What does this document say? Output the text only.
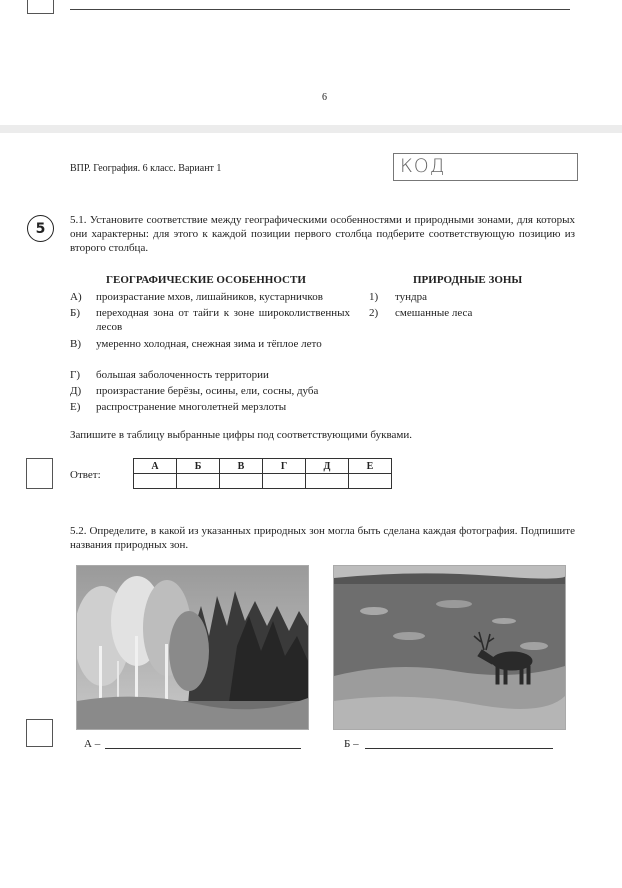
6
ВПР. География. 6 класс. Вариант 1	КОД
5
5.1. Установите соответствие между географическими особенностями и природными зонами, для которых они характерны: для этого к каждой позиции первого столбца подберите соответствующую позицию из второго столбца.
ГЕОГРАФИЧЕСКИЕ ОСОБЕННОСТИ	ПРИРОДНЫЕ ЗОНЫ
А) произрастание мхов, лишайников, кустарничков
Б) переходная зона от тайги к зоне широколиственных лесов
В) умеренно холодная, снежная зима и тёплое лето
Г) большая заболоченность территории
Д) произрастание берёзы, осины, ели, сосны, дуба
Е) распространение многолетней мерзлоты
1) тундра
2) смешанные леса
Запишите в таблицу выбранные цифры под соответствующими буквами.
Ответ:
А	Б	В	Г	Д	Е

5.2. Определите, в какой из указанных природных зон могла быть сделана каждая фотография. Подпишите названия природных зон.
А –	Б –
